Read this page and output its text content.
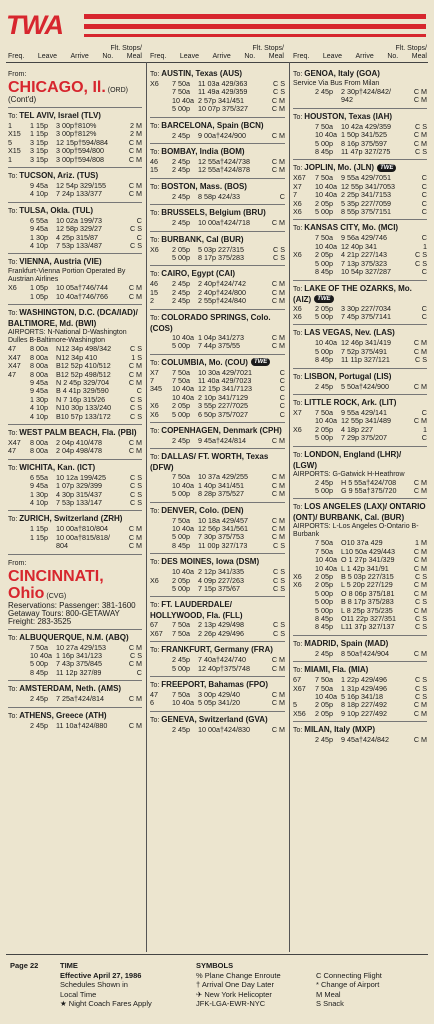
TWA
Flt. Stops/
Freq. Leave Arrive No. Meal
Flt. Stops/
Freq. Leave Arrive No. Meal
Flt. Stops/
Freq. Leave Arrive No. Meal
From:
CHICAGO, Il. (ORD)
(Cont'd)
To: TEL AVIV, Israel (TLV)
1	1 15p	3 00p†810%	2 M
X15	1 15p	3 00p†812%	2 M
5	3 15p	12 15p†594/884	C M
X15	3 15p	3 00p†594/800	C M
1	3 15p	3 00p†594/808	C M
To: TUCSON, Ariz. (TUS)
9 45a	12 54p 329/155	C M
4 10p	7 24p 133/377	C M
To: TULSA, Okla. (TUL)
6 55a	10 02a 199/73	C
9 45a	12 58p 329/27	C S
1 30p	4 25p 315/87	C
4 10p	7 53p 133/487	C S
To: VIENNA, Austria (VIE)
Frankfurt-Vienna Portion Operated By Austrian Airlines
X6	1 05p	10 05a†746/744	C M
1 05p	10 40a†746/766	C M
To: WASHINGTON, D.C. (DCA/IAD)/ BALTIMORE, Md. (BWI)
AIRPORTS: N-National D-Washington Dulles B-Baltimore-Washington
47	8 00a	N12 34p 498/342	C S
X47	8 00a	N12 34p 410	1 S
X47	8 00a	B12 52p 410/512	C M
47	8 00a	B12 52p 498/512	C M
9 45a	N 2 45p 329/704	C M
9 45a	B 4 41p 329/590	C
1 30p	N 7 16p 315/26	C S
4 10p	N10 30p 133/240	C S
4 10p	B10 57p 133/172	C S
To: WEST PALM BEACH, Fla. (PBI)
X47	8 00a	2 04p 410/478	C M
47	8 00a	2 04p 498/478	C M
To: WICHITA, Kan. (ICT)
6 55a	10 12a 199/425	C S
9 45a	1 07p 329/399	C S
1 30p	4 30p 315/437	C S
4 10p	7 53p 133/147	C S
To: ZURICH, Switzerland (ZRH)
1 15p	10 00a†810/804	C M
1 15p	10 00a†815/818/	C M
804	C M
From:
CINCINNATI, Ohio (CVG)
Reservations: Passenger: 381-1600 Getaway Tours: 800-GETAWAY Freight: 283-3525
To: ALBUQUERQUE, N.M. (ABQ)
7 50a	10 27a 429/153	C M
10 40a 1 16p 341/123	C S
5 00p	7 43p 375/845	C M
8 45p	11 12p 327/89	C
To: AMSTERDAM, Neth. (AMS)
2 45p	7 25a†424/814	C M
To: ATHENS, Greece (ATH)
2 45p	11 10a†424/880	C M
To: AUSTIN, Texas (AUS)
X6	7 50a	11 03a 429/363	C S
7 50a	11 49a 429/359	C S
10 40a 2 57p 341/451	C M
5 00p	10 07p 375/327	C M
To: BARCELONA, Spain (BCN)
2 45p	9 00a†424/900	C M
To: BOMBAY, India (BOM)
46	2 45p	12 55a†424/738	C M
15	2 45p	12 55a†424/878	C M
To: BOSTON, Mass. (BOS)
2 45p	8 58p 424/33	C
To: BRUSSELS, Belgium (BRU)
2 45p	10 00a†424/718	C M
To: BURBANK, Cal (BUR)
X6	2 05p	5 03p 227/315	C S
5 00p	8 17p 375/283	C S
To: CAIRO, Egypt (CAI)
46	2 45p	2 40p†424/742	C M
15	2 45p	2 40p†424/800	C M
2	2 45p	2 55p†424/840	C M
To: COLORADO SPRINGS, Colo. (COS)
10 40a 1 04p 341/273	C M
5 00p	7 44p 375/55	C M
To: COLUMBIA, Mo. (COU) TWE
X7	7 50a	10 30a 429/7021	C
7	7 50a	11 40a 429/7023	C
345	10 40a 12 15p 341/7123	C
10 40a 2 10p 341/7129	C
X6	2 05p	3 55p 227/7025	C
X6	5 00p	6 50p 375/7027	C
To: COPENHAGEN, Denmark (CPH)
2 45p	9 45a†424/814	C M
To: DALLAS/ FT. WORTH, Texas (DFW)
7 50a	10 37a 429/255	C M
10 40a 1 40p 341/451	C M
5 00p	8 28p 375/527	C M
To: DENVER, Colo. (DEN)
7 50a	10 18a 429/457	C M
10 40a 12 56p 341/561	C M
5 00p	7 30p 375/753	C M
8 45p	11 00p 327/173	C S
To: DES MOINES, Iowa (DSM)
10 40a 2 12p 341/335	C S
X6	2 05p	4 09p 227/263	C S
5 00p	7 15p 375/67	C S
To: FT. LAUDERDALE/ HOLLYWOOD, Fla. (FLL)
67	7 50a	2 13p 429/498	C S
X67	7 50a	2 26p 429/496	C S
To: FRANKFURT, Germany (FRA)
2 45p	7 40a†424/740	C M
5 00p	12 40p†375/748	C M
To: FREEPORT, Bahamas (FPO)
47	7 50a	3 00p 429/40	C M
6	10 40a 5 05p 341/20	C M
To: GENEVA, Switzerland (GVA)
2 45p	10 00a†424/830	C M
To: GENOA, Italy (GOA)
Service Via Bus From Milan
2 45p	2 30p†424/842/	C M
942	C M
To: HOUSTON, Texas (IAH)
7 50a	10 42a 429/359	C S
10 40a 1 50p 341/525	C M
5 00p	8 16p 375/597	C M
8 45p	11 47p 327/275	C S
To: JOPLIN, Mo. (JLN) TWE
X67	7 50a	9 55a 429/7051	C
X7	10 40a 12 55p 341/7053	C
7	10 40a 2 25p 341/7153	C
X6	2 05p	5 35p 227/7059	C
X6	5 00p	8 55p 375/7151	C
To: KANSAS CITY, Mo. (MCI)
7 50a	9 56a 429/746	C
10 40a 12 40p 341	1
X6	2 05p	4 21p 227/143	C S
5 00p	7 13p 375/323	C S
8 45p	10 54p 327/287	C
To: LAKE OF THE OZARKS, Mo. (AIZ) TWE
X6	2 05p	3 30p 227/7034	C
X6	5 00p	7 45p 375/7141	C
To: LAS VEGAS, Nev. (LAS)
10 40a 12 46p 341/419	C M
5 00p	7 52p 375/491	C M
8 45p	11 11p 327/121	C S
To: LISBON, Portugal (LIS)
2 45p	5 50a†424/900	C M
To: LITTLE ROCK, Ark. (LIT)
X7	7 50a	9 55a 429/141	C
10 40a 12 55p 341/489	C M
X6	2 05p	4 18p 227	1
5 00p	7 29p 375/207	C
To: LONDON, England (LHR)/ (LGW)
AIRPORTS: G-Gatwick H-Heathrow
2 45p	H 5 55a†424/708	C M
5 00p	G 9 55a†375/720	C M
To: LOS ANGELES (LAX)/ ONTARIO (ONT)/ BURBANK, Cal. (BUR)
AIRPORTS: L-Los Angeles O-Ontario B-Burbank
7 50a	O10 37a 429	1 M
7 50a	L10 50a 429/443	C M
10 40a O 1 27p 341/329	C M
10 40a L 1 42p 341/91	C M
X6	2 05p	B 5 03p 227/315	C S
X6	2 05p	L 5 20p 227/129	C M
5 00p	O 8 06p 375/181	C M
5 00p	B 8 17p 375/283	C S
5 00p	L 8 25p 375/235	C M
8 45p	O11 22p 327/351	C S
8 45p	L11 37p 327/137	C S
To: MADRID, Spain (MAD)
2 45p	8 50a†424/904	C M
To: MIAMI, Fla. (MIA)
67	7 50a	1 22p 429/496	C S
X67	7 50a	1 31p 429/496	C S
10 40a 5 16p 341/18	C S
5	2 05p	8 18p 227/492	C M
X56	2 05p	9 10p 227/492	C M
To: MILAN, Italy (MXP)
2 45p	9 45a†424/842	C M
Page 22	TIME
Effective April 27, 1986
Schedules Shown in
Local Time
★ Night Coach Fares Apply
SYMBOLS
% Plane Change Enroute
† Arrival One Day Later
✈ New York Helicopter
JFK-LGA-EWR-NYC
C Connecting Flight
* Change of Airport
M Meal
S Snack
